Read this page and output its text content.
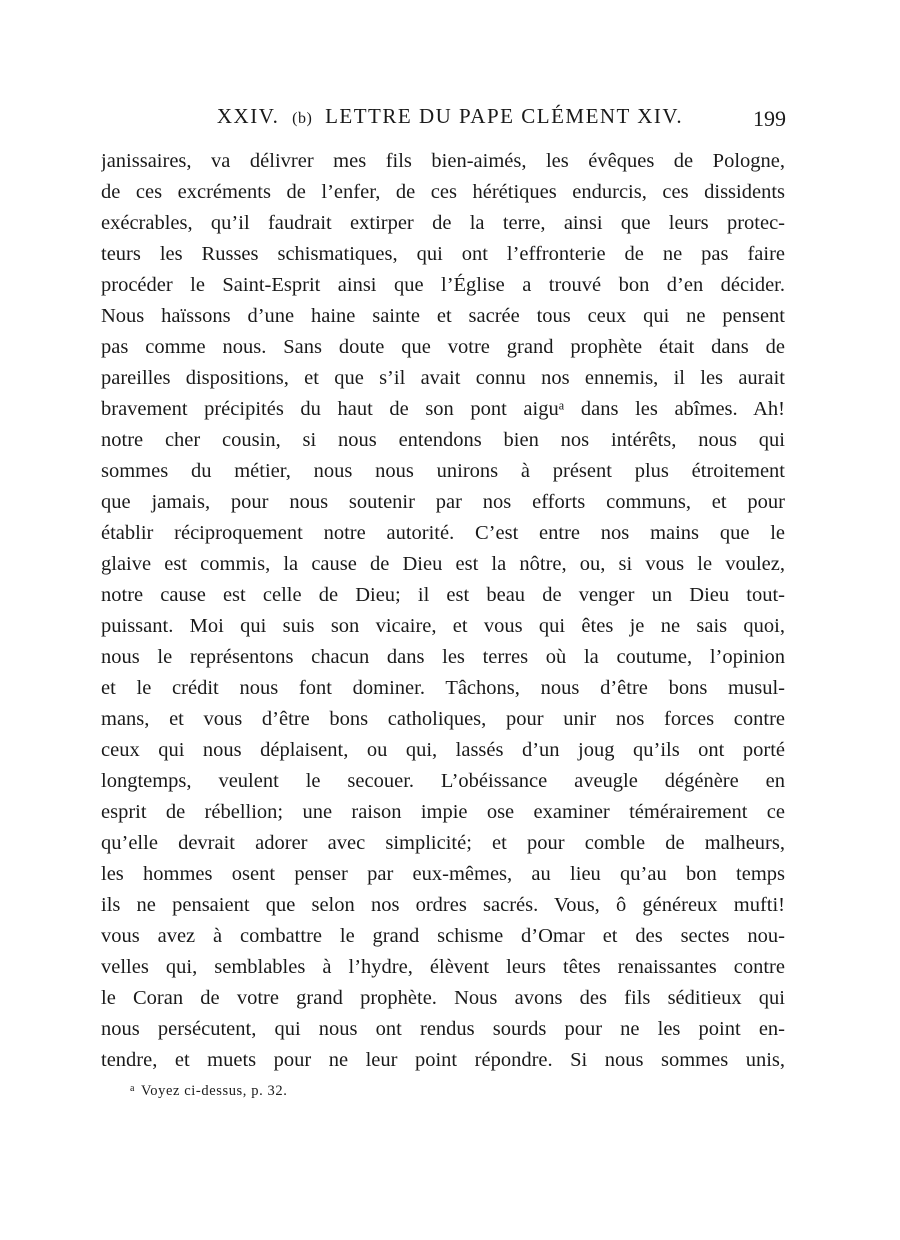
XXIV. (b) LETTRE DU PAPE CLÉMENT XIV.	199
janissaires, va délivrer mes fils bien-aimés, les évêques de Pologne,
de ces excréments de l’enfer, de ces hérétiques endurcis, ces dissidents
exécrables, qu’il faudrait extirper de la terre, ainsi que leurs protec-
teurs les Russes schismatiques, qui ont l’effronterie de ne pas faire
procéder le Saint-Esprit ainsi que l’Église a trouvé bon d’en décider.
Nous haïssons d’une haine sainte et sacrée tous ceux qui ne pensent
pas comme nous. Sans doute que votre grand prophète était dans de
pareilles dispositions, et que s’il avait connu nos ennemis, il les aurait
bravement précipités du haut de son pont aiguᵃ dans les abîmes. Ah!
notre cher cousin, si nous entendons bien nos intérêts, nous qui
sommes du métier, nous nous unirons à présent plus étroitement
que jamais, pour nous soutenir par nos efforts communs, et pour
établir réciproquement notre autorité. C’est entre nos mains que le
glaive est commis, la cause de Dieu est la nôtre, ou, si vous le voulez,
notre cause est celle de Dieu; il est beau de venger un Dieu tout-
puissant. Moi qui suis son vicaire, et vous qui êtes je ne sais quoi,
nous le représentons chacun dans les terres où la coutume, l’opinion
et le crédit nous font dominer. Tâchons, nous d’être bons musul-
mans, et vous d’être bons catholiques, pour unir nos forces contre
ceux qui nous déplaisent, ou qui, lassés d’un joug qu’ils ont porté
longtemps, veulent le secouer. L’obéissance aveugle dégénère en
esprit de rébellion; une raison impie ose examiner témérairement ce
qu’elle devrait adorer avec simplicité; et pour comble de malheurs,
les hommes osent penser par eux-mêmes, au lieu qu’au bon temps
ils ne pensaient que selon nos ordres sacrés. Vous, ô généreux mufti!
vous avez à combattre le grand schisme d’Omar et des sectes nou-
velles qui, semblables à l’hydre, élèvent leurs têtes renaissantes contre
le Coran de votre grand prophète. Nous avons des fils séditieux qui
nous persécutent, qui nous ont rendus sourds pour ne les point en-
tendre, et muets pour ne leur point répondre. Si nous sommes unis,
$^a$ Voyez ci-dessus, p. 32.
